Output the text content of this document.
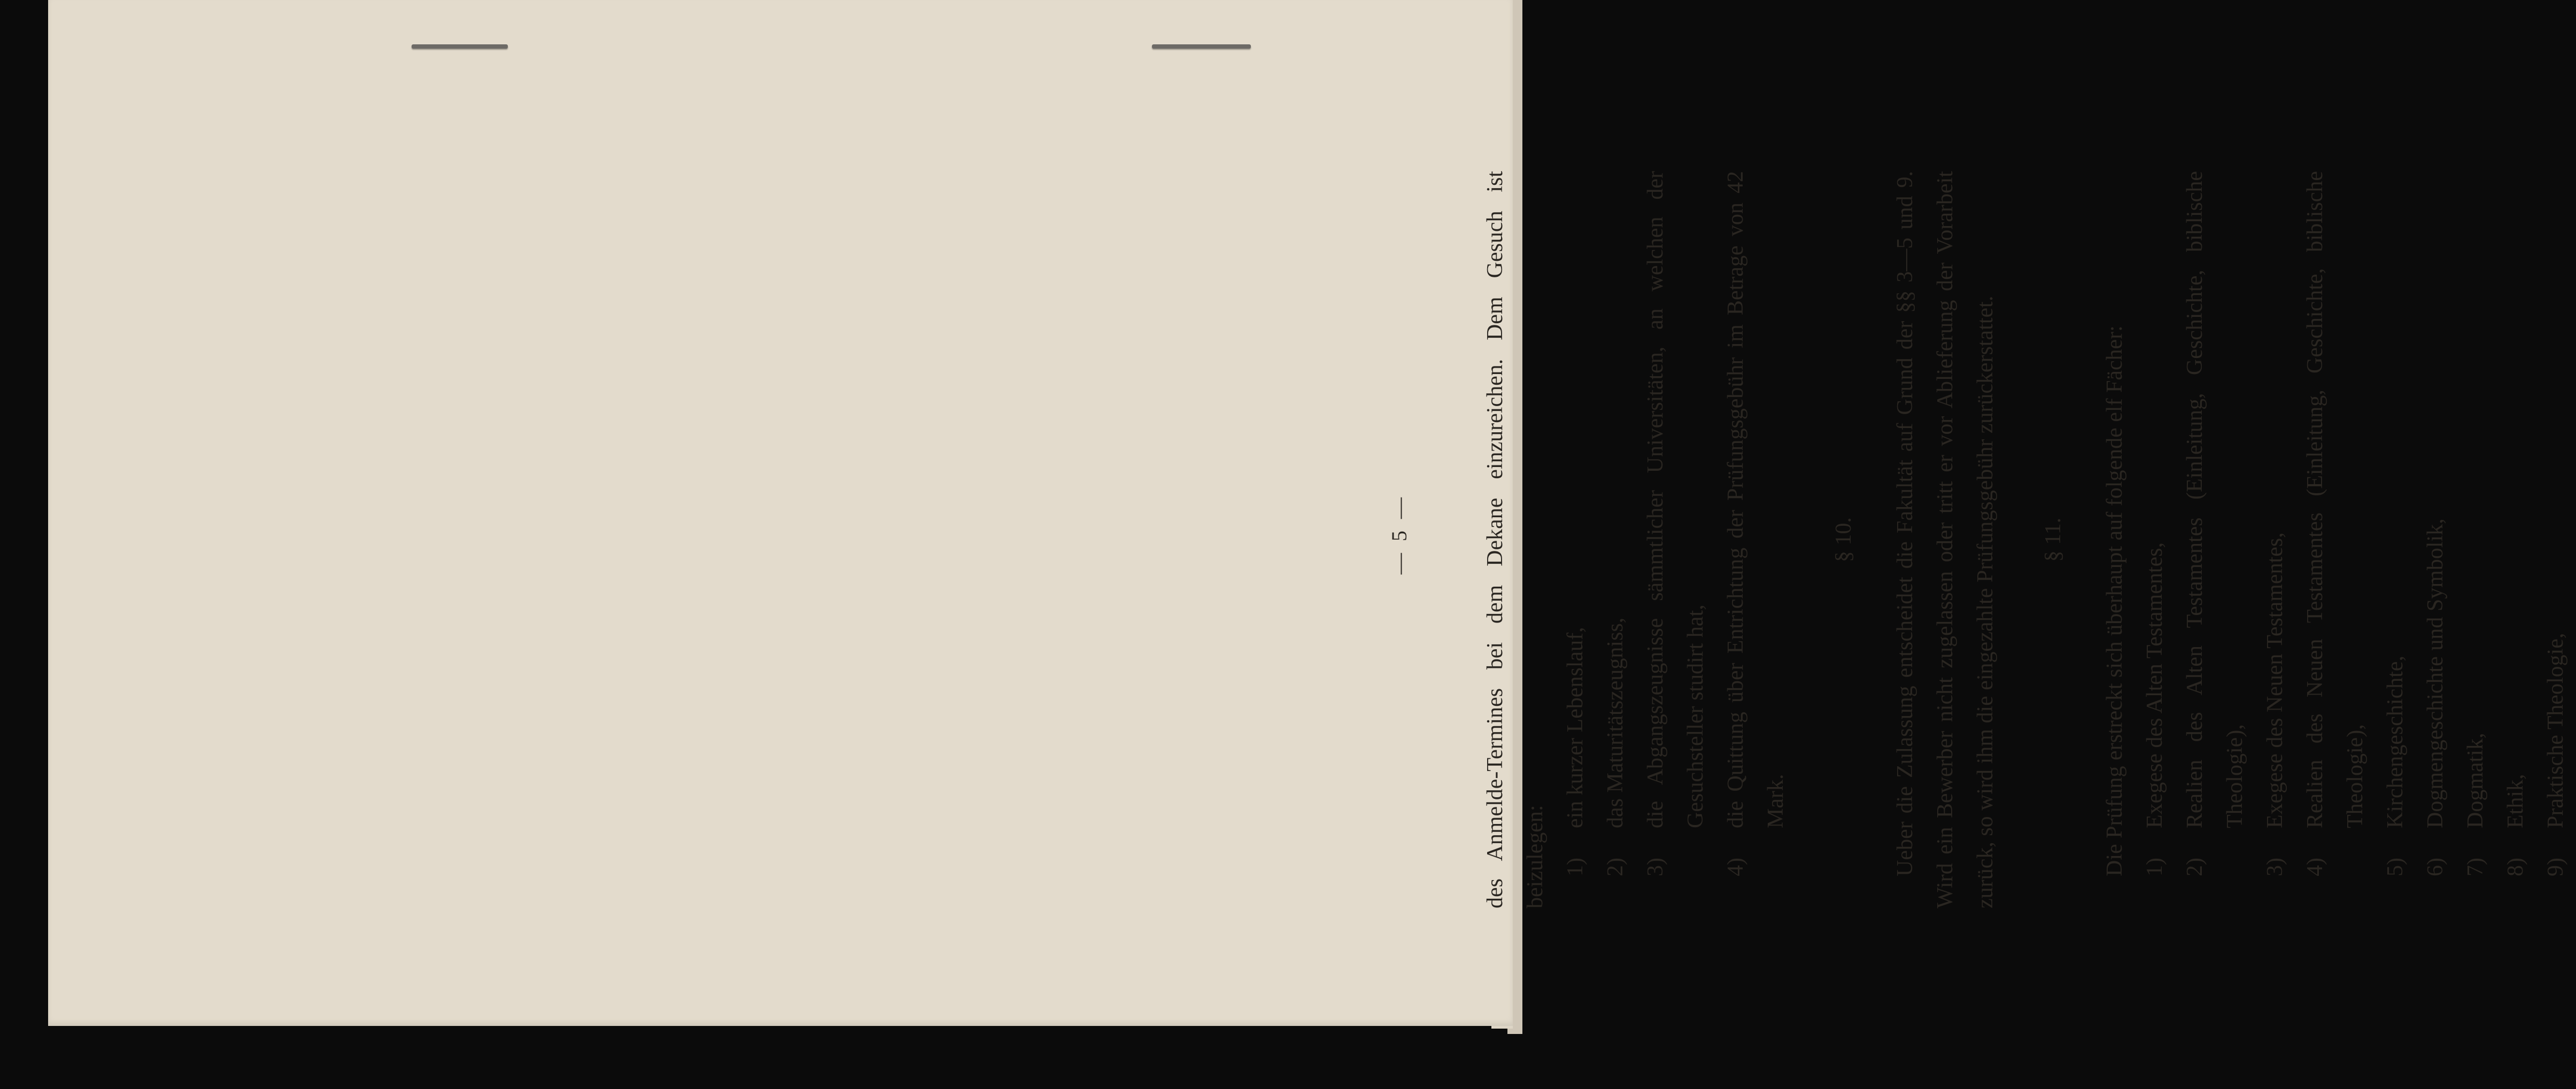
— 5 —	des Anmelde-Termines bei dem Dekane einzureichen. Dem Gesuch ist beizulegen: 1)
ein kurzer Lebenslauf,
2)
das Maturitätszeugniss,
3)
die Abgangszeugnisse sämmtlicher Universitäten, an welchen der Gesuchsteller studirt hat,
4)
die Quittung über Entrichtung der Prüfungsgebühr im Betrage von 42 Mark.
§ 10.	Ueber die Zulassung entscheidet die Fakultät auf Grund der §§ 3—5 und 9. Wird ein Bewerber nicht zugelassen oder tritt er vor Ablieferung der Vorarbeit zurück, so wird ihm die eingezahlte Prüfungsgebühr zurückerstattet.	§ 11.	Die Prüfung erstreckt sich überhaupt auf folgende elf Fächer: 1)
Exegese des Alten Testamentes,
2)
Realien des Alten Testamentes (Einleitung, Geschichte, biblische Theologie),
3)
Exegese des Neuen Testamentes,
4)
Realien des Neuen Testamentes (Einleitung, Geschichte, biblische Theologie),
5)
Kirchengeschichte,
6)
Dogmengeschichte und Symbolik,
7)
Dogmatik,
8)
Ethik,
9)
Praktische Theologie,
